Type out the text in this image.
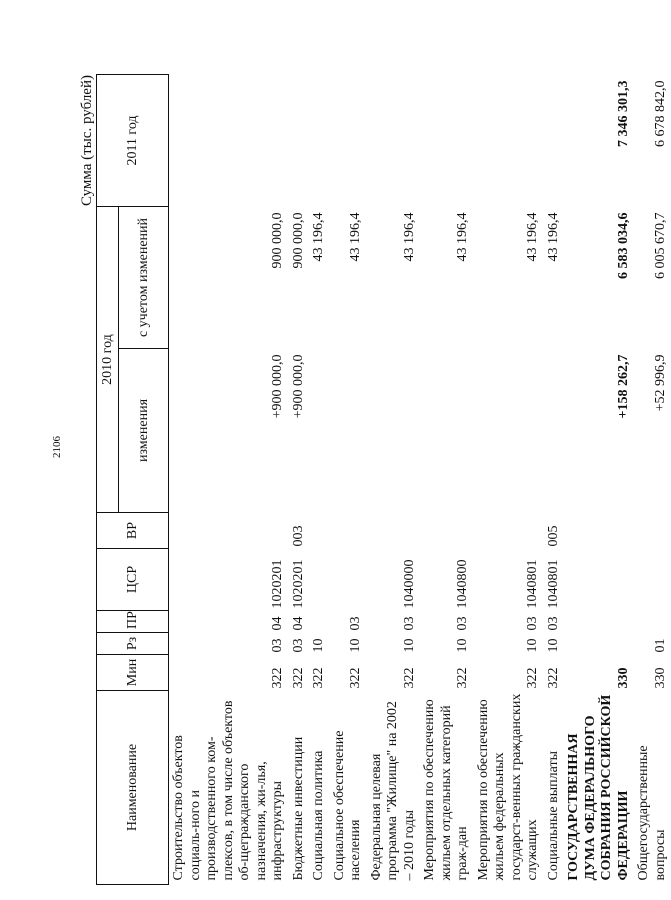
2106
Сумма (тыс. рублей)
Наименование	Мин	Рз	ПР	ЦСР	ВР	2010 год		2011 год
						изменения	с учетом изменений	
Строительство объектов социаль-ного и производственного ком-плексов, в том числе объектов об-щегражданского назначения, жи-лья, инфраструктуры	322	03	04	1020201		+900 000,0	900 000,0	
Бюджетные инвестиции	322	03	04	1020201	003	+900 000,0	900 000,0	
Социальная политика	322	10					43 196,4	
Социальное обеспечение населения	322	10	03				43 196,4	
Федеральная целевая программа "Жилище" на 2002 – 2010 годы	322	10	03	1040000			43 196,4	
Мероприятия по обеспечению жильем отдельных категорий граж-дан	322	10	03	1040800			43 196,4	
Мероприятия по обеспечению жильем федеральных государст-венных гражданских служащих	322	10	03	1040801			43 196,4	
Социальные выплаты	322	10	03	1040801	005		43 196,4	
ГОСУДАРСТВЕННАЯ ДУМА ФЕДЕРАЛЬНОГО СОБРАНИЯ РОССИЙСКОЙ ФЕДЕРАЦИИ	330					+158 262,7	6 583 034,6	7 346 301,3
Общегосударственные вопросы	330	01				+52 996,9	6 005 670,7	6 678 842,0
